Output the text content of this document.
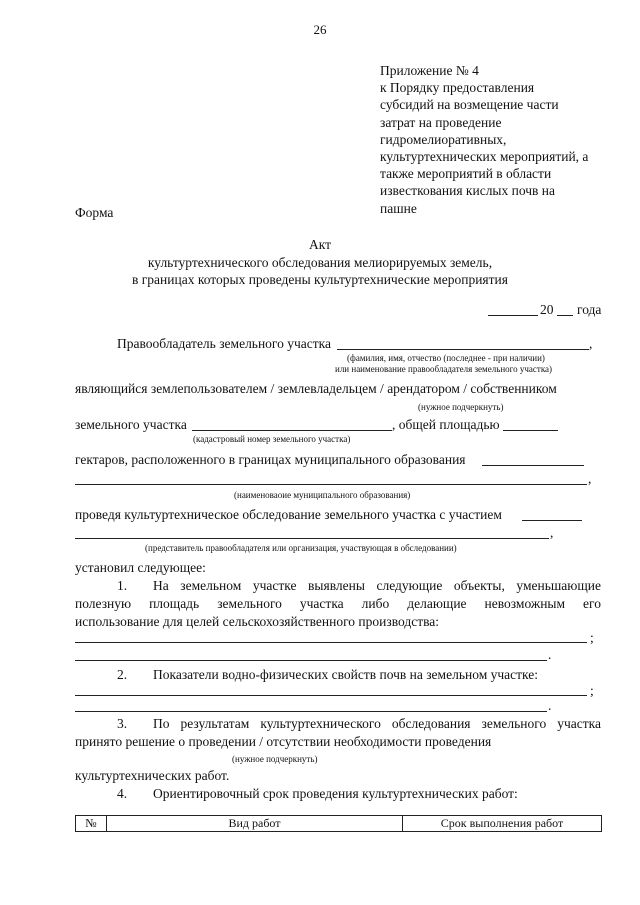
26
Приложение № 4
к Порядку предоставления
субсидий на возмещение части
затрат на проведение
гидромелиоративных,
культуртехнических мероприятий, а
также мероприятий в области
известкования кислых почв на
пашне
Форма
Акт
культуртехнического обследования мелиорируемых земель,
в границах которых проведены культуртехнические мероприятия
20 года
Правообладатель земельного участка	,
(фамилия, имя, отчество (последнее - при наличии)
или наименование правообладателя земельного участка)
являющийся землепользователем / землевладельцем / арендатором / собственником
(нужное подчеркнуть)
земельного участка	, общей площадью
(кадастровый номер земельного участка)
гектаров, расположенного в границах муниципального образования
,
(наименоваоие муниципального образования)
проведя культуртехническое обследование земельного участка с участием
,
(представитель правообладателя или организация, участвующая в обследовании)
установил следующее:
1. На земельном участке выявлены следующие объекты, уменьшающие
полезную площадь земельного участка либо делающие невозможным его
использование для целей сельскохозяйственного производства:
;
.
2. Показатели водно-физических свойств почв на земельном участке:
;
.
3. По результатам культуртехнического обследования земельного участка
принято решение о проведении / отсутствии необходимости проведения
(нужное подчеркнуть)
культуртехнических работ.
4. Ориентировочный срок проведения культуртехнических работ:
№	Вид работ	Срок выполнения работ
